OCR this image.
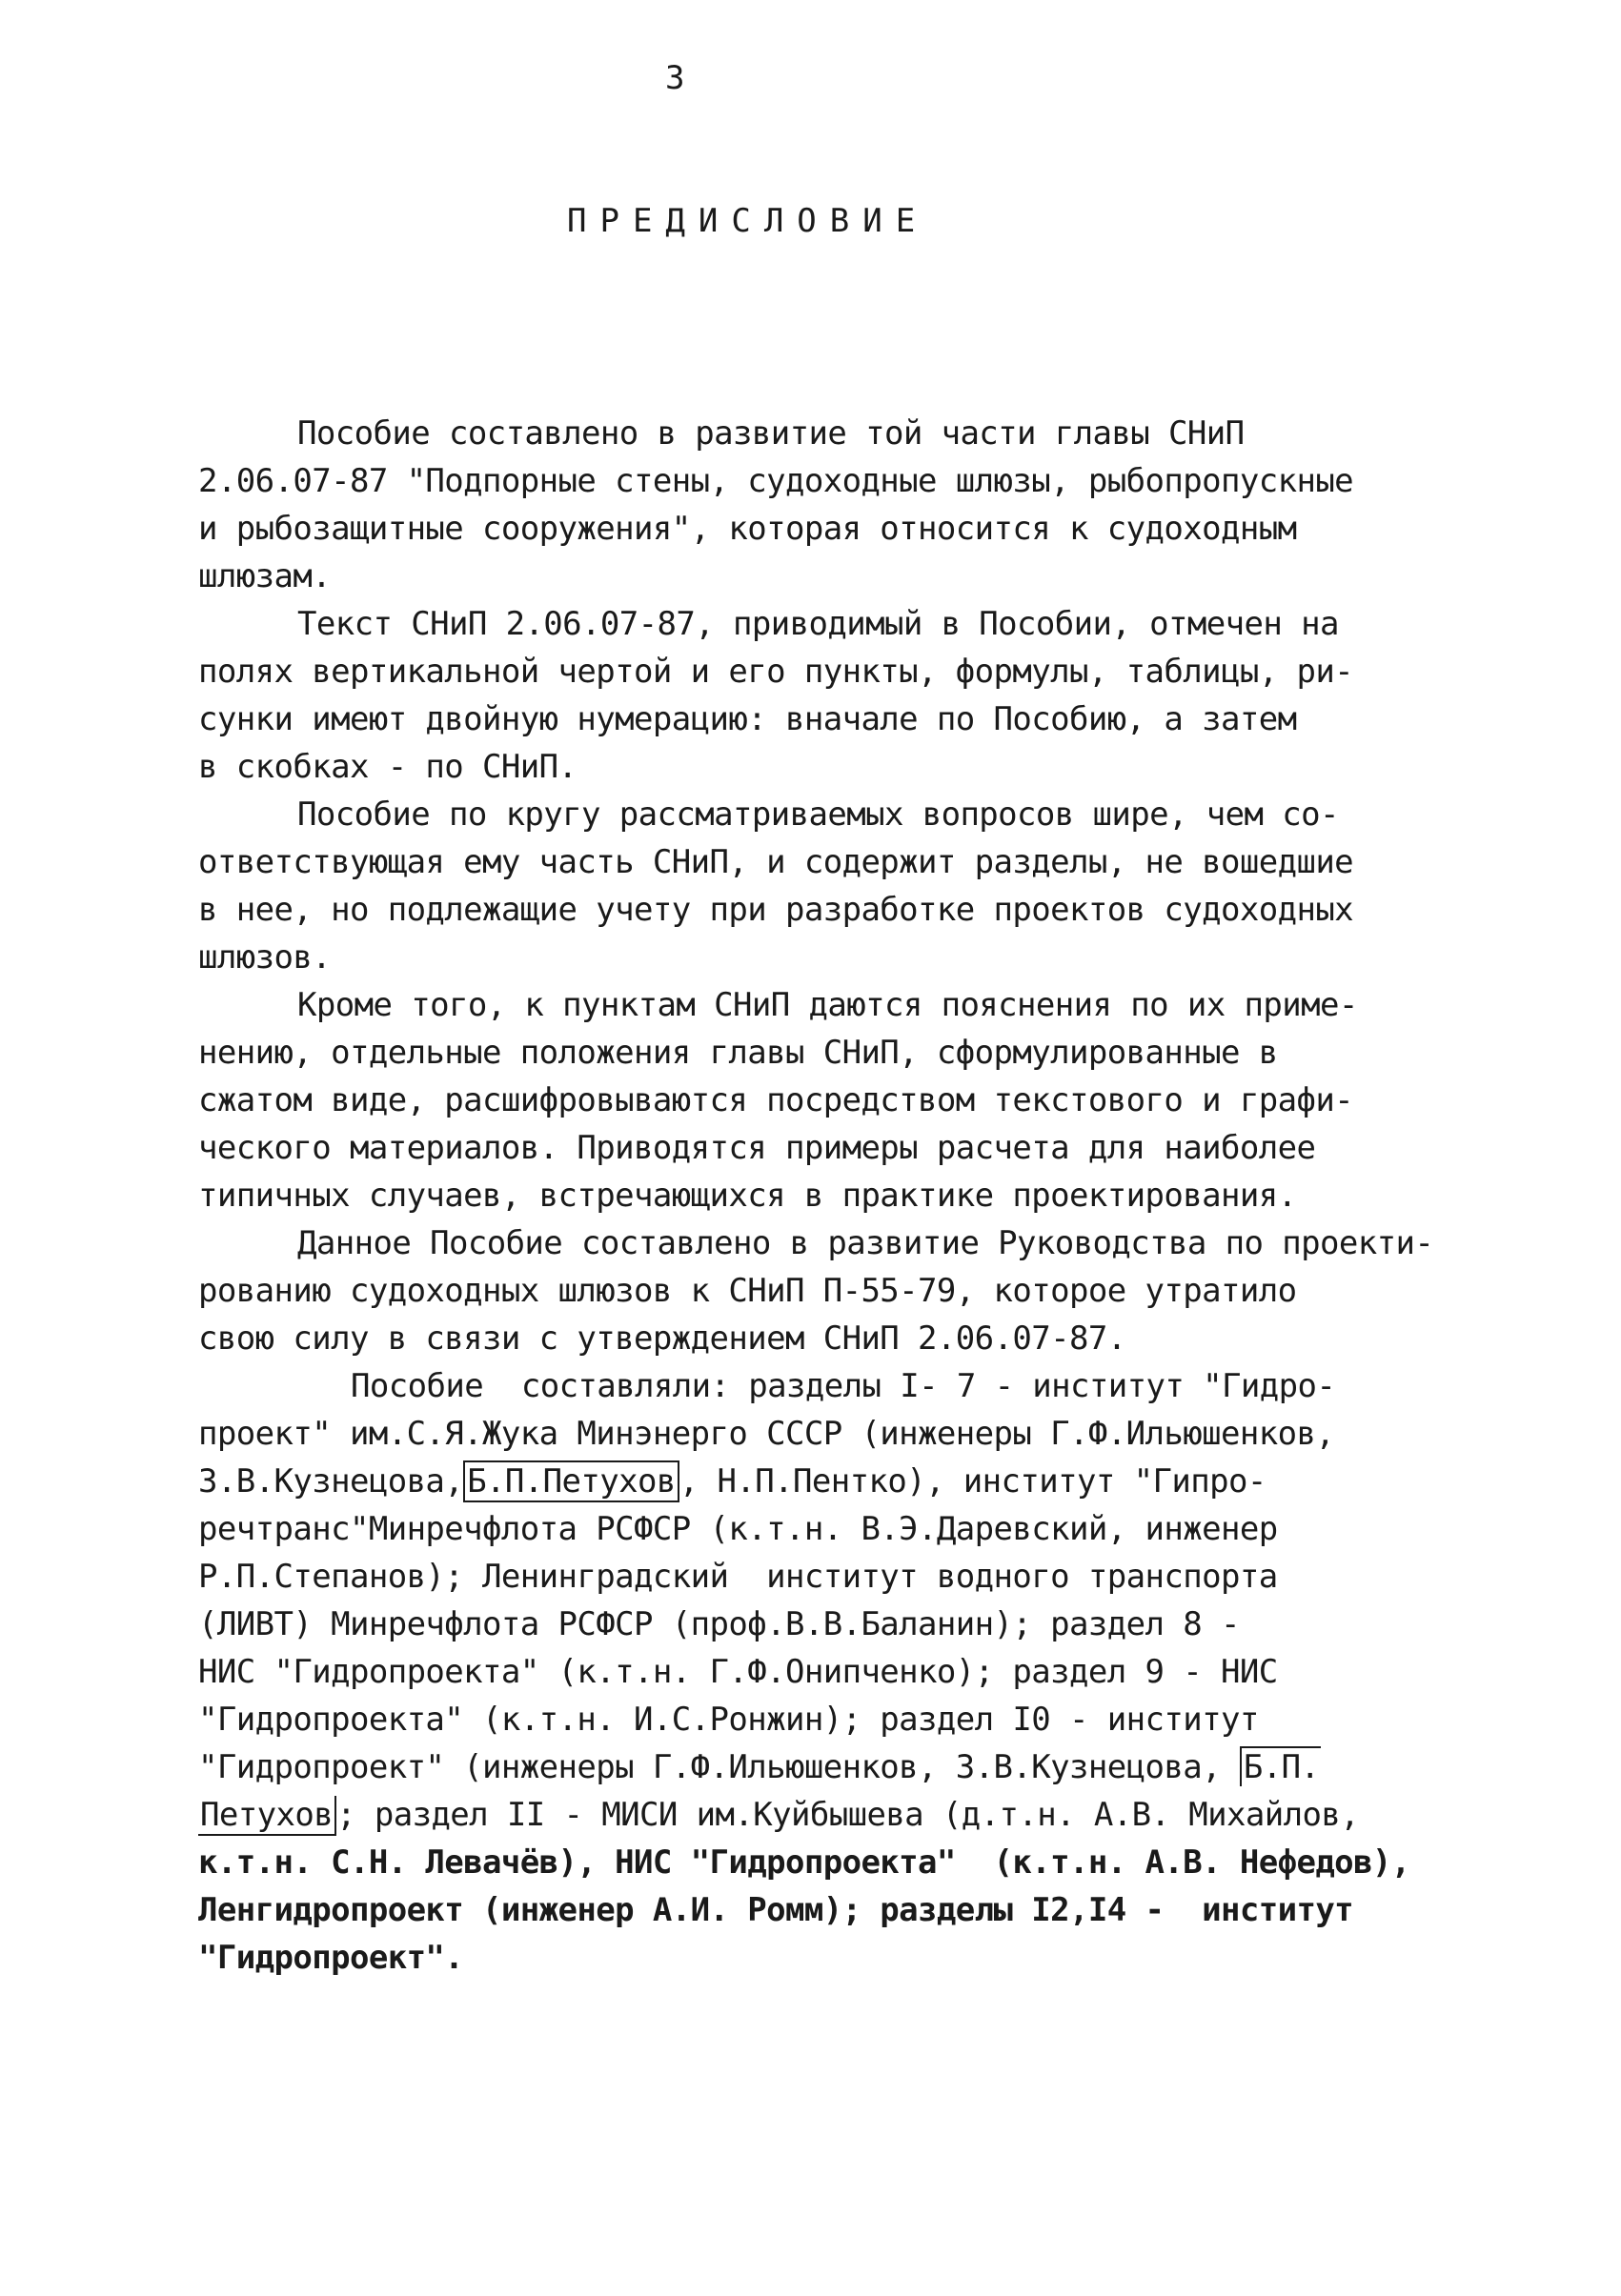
3
ПРЕДИСЛОВИЕ
Пособие составлено в развитие той части главы СНиП
2.06.07-87 "Подпорные стены, судоходные шлюзы, рыбопропускные
и рыбозащитные сооружения", которая относится к судоходным
шлюзам.
Текст СНиП 2.06.07-87, приводимый в Пособии, отмечен на
полях вертикальной чертой и его пункты, формулы, таблицы, ри-
сунки имеют двойную нумерацию: вначале по Пособию, а затем
в скобках - по СНиП.
Пособие по кругу рассматриваемых вопросов шире, чем со-
ответствующая ему часть СНиП, и содержит разделы, не вошедшие
в нее, но подлежащие учету при разработке проектов судоходных
шлюзов.
Кроме того, к пунктам СНиП даются пояснения по их приме-
нению, отдельные положения главы СНиП, сформулированные в
сжатом виде, расшифровываются посредством текстового и графи-
ческого материалов. Приводятся примеры расчета для наиболее
типичных случаев, встречающихся в практике проектирования.
Данное Пособие составлено в развитие Руководства по проекти-
рованию судоходных шлюзов к СНиП П-55-79, которое утратило
свою силу в связи с утверждением СНиП 2.06.07-87.
Пособие  составляли: разделы I- 7 - институт "Гидро-
проект" им.С.Я.Жука Минэнерго СССР (инженеры Г.Ф.Ильюшенков,
З.В.Кузнецова, Б.П.Петухов , Н.П.Пентко), институт "Гипро-
речтранс"Минречфлота РСФСР (к.т.н. В.Э.Даревский, инженер
Р.П.Степанов); Ленинградский  институт водного транспорта
(ЛИВТ) Минречфлота РСФСР (проф.В.В.Баланин); раздел 8 -
НИС "Гидропроекта" (к.т.н. Г.Ф.Онипченко); раздел 9 - НИС
"Гидропроекта" (к.т.н. И.С.Ронжин); раздел I0 - институт
"Гидропроект" (инженеры Г.Ф.Ильюшенков, З.В.Кузнецова, Б.П.
Петухов ; раздел II - МИСИ им.Куйбышева (д.т.н. А.В. Михайлов,
к.т.н. С.Н. Левачёв), НИС "Гидропроекта"  (к.т.н. А.В. Нефедов),
Ленгидропроект (инженер А.И. Ромм); разделы I2,I4 -  институт
"Гидропроект".
